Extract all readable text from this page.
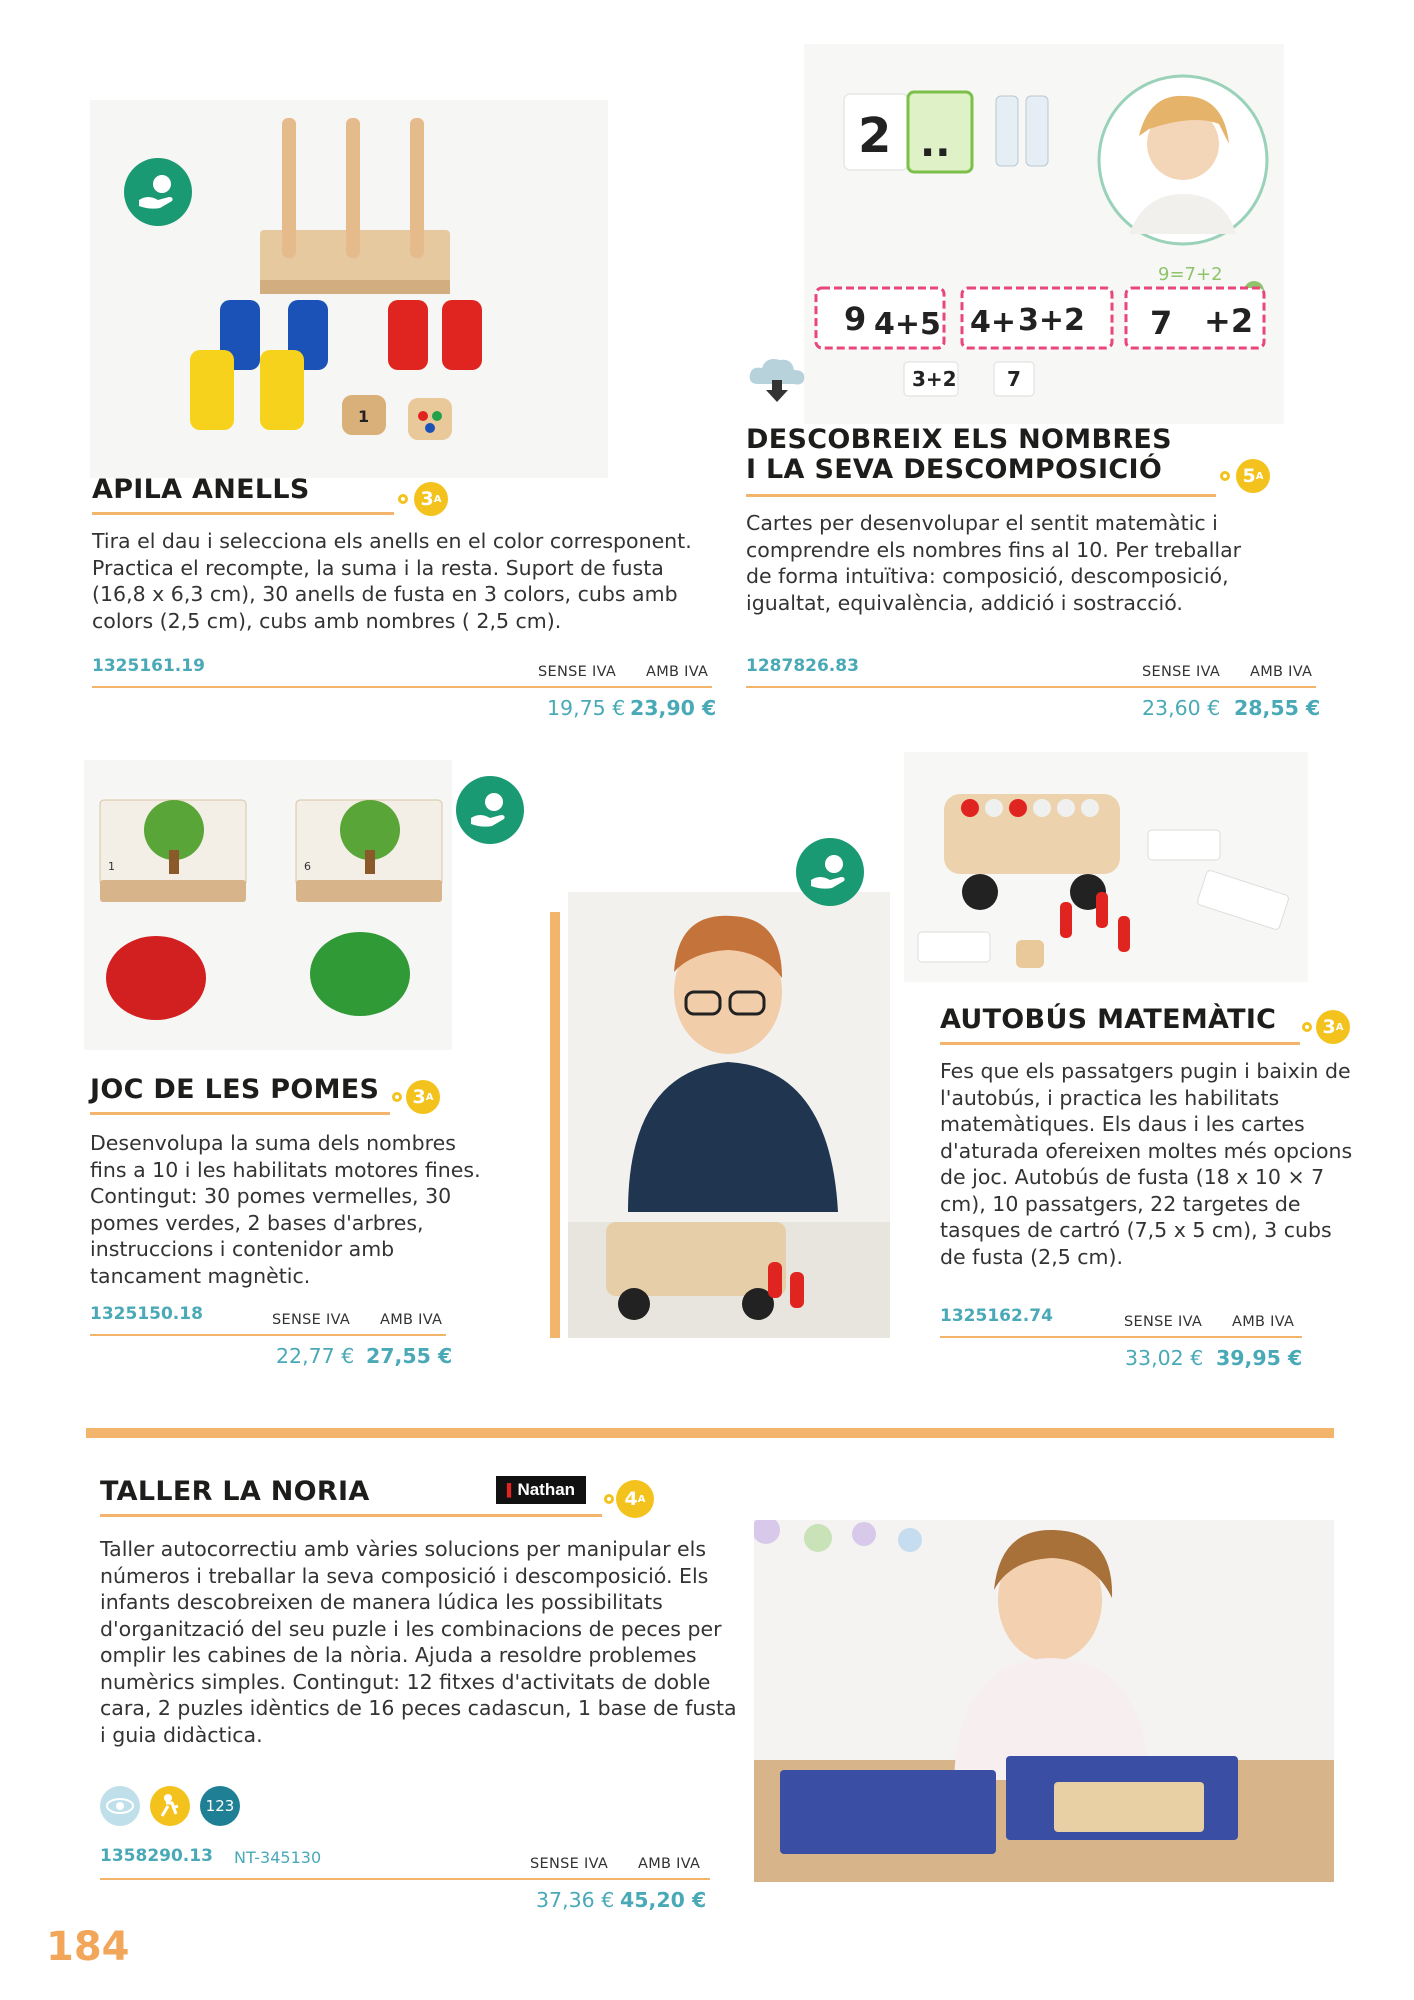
1
APILA ANELLS	3 A
Tira el dau i selecciona els anells en el color corresponent. Practica el recompte, la suma i la resta. Suport de fusta (16,8 x 6,3 cm), 30 anells de fusta en 3 colors, cubs amb colors (2,5 cm), cubs amb nombres ( 2,5 cm).
1325161.19	SENSE IVA AMB IVA
19,75 € 23,90 €
2 ..
9=7+2
9 4+5 4+ 3+2 7 +2
3+2	7
DESCOBREIX ELS NOMBRES
I LA SEVA DESCOMPOSICIÓ	5 A
Cartes per desenvolupar el sentit matemàtic i comprendre els nombres fins al 10. Per treballar de forma intuïtiva: composició, descomposició, igualtat, equivalència, addició i sostracció.
1287826.83	SENSE IVA AMB IVA
23,60 € 28,55 €
1	6
JOC DE LES POMES 3 A
Desenvolupa la suma dels nombres fins a 10 i les habilitats motores fines. Contingut: 30 pomes vermelles, 30 pomes verdes, 2 bases d'arbres, instruccions i contenidor amb tancament magnètic.
1325150.18	SENSE IVA AMB IVA
22,77 € 27,55 €
AUTOBÚS MATEMÀTIC 3 A
Fes que els passatgers pugin i baixin de l'autobús, i practica les habilitats matemàtiques. Els daus i les cartes d'aturada ofereixen moltes més opcions de joc. Autobús de fusta (18 x 10 × 7 cm), 10 passatgers, 22 targetes de tasques de cartró (7,5 x 5 cm), 3 cubs de fusta (2,5 cm).
1325162.74	SENSE IVA AMB IVA
33,02 € 39,95 €
TALLER LA NORIA	▌ Nathan	4 A
Taller autocorrectiu amb vàries solucions per manipular els números i treballar la seva composició i descomposició. Els infants descobreixen de manera lúdica les possibilitats d'organització del seu puzle i les combinacions de peces per omplir les cabines de la nòria. Ajuda a resoldre problemes numèrics simples. Contingut: 12 fitxes d'activitats de doble cara, 2 puzles idèntics de 16 peces cadascun, 1 base de fusta i guia didàctica.
123
1358290.13 NT-345130	SENSE IVA AMB IVA
37,36 € 45,20 €
184
